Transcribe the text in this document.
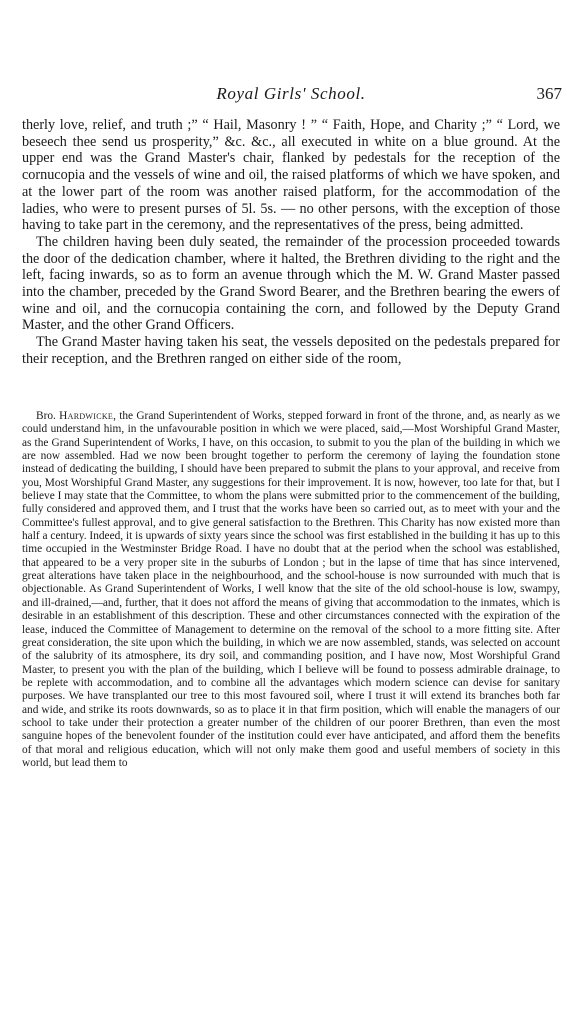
Royal Girls' School.	367

therly love, relief, and truth ;” “ Hail, Masonry ! ” “ Faith, Hope, and Charity ;” “ Lord, we beseech thee send us prosperity,” &c. &c., all executed in white on a blue ground. At the upper end was the Grand Master's chair, flanked by pedestals for the reception of the cornucopia and the vessels of wine and oil, the raised platforms of which we have spoken, and at the lower part of the room was another raised platform, for the accommodation of the ladies, who were to present purses of 5l. 5s. — no other persons, with the exception of those having to take part in the ceremony, and the representatives of the press, being admitted.

The children having been duly seated, the remainder of the procession proceeded towards the door of the dedication chamber, where it halted, the Brethren dividing to the right and the left, facing inwards, so as to form an avenue through which the M. W. Grand Master passed into the chamber, preceded by the Grand Sword Bearer, and the Brethren bearing the ewers of wine and oil, and the cornucopia containing the corn, and followed by the Deputy Grand Master, and the other Grand Officers.

The Grand Master having taken his seat, the vessels deposited on the pedestals prepared for their reception, and the Brethren ranged on either side of the room,

Bro. Hardwicke, the Grand Superintendent of Works, stepped forward in front of the throne, and, as nearly as we could understand him, in the unfavourable position in which we were placed, said,—Most Worshipful Grand Master, as the Grand Superintendent of Works, I have, on this occasion, to submit to you the plan of the building in which we are now assembled. Had we now been brought together to perform the ceremony of laying the foundation stone instead of dedicating the building, I should have been prepared to submit the plans to your approval, and receive from you, Most Worshipful Grand Master, any suggestions for their improvement. It is now, however, too late for that, but I believe I may state that the Committee, to whom the plans were submitted prior to the commencement of the building, fully considered and approved them, and I trust that the works have been so carried out, as to meet with your and the Committee's fullest approval, and to give general satisfaction to the Brethren. This Charity has now existed more than half a century. Indeed, it is upwards of sixty years since the school was first established in the building it has up to this time occupied in the Westminster Bridge Road. I have no doubt that at the period when the school was established, that appeared to be a very proper site in the suburbs of London ; but in the lapse of time that has since intervened, great alterations have taken place in the neighbourhood, and the school-house is now surrounded with much that is objectionable. As Grand Superintendent of Works, I well know that the site of the old school-house is low, swampy, and ill-drained,—and, further, that it does not afford the means of giving that accommodation to the inmates, which is desirable in an establishment of this description. These and other circumstances connected with the expiration of the lease, induced the Committee of Management to determine on the removal of the school to a more fitting site. After great consideration, the site upon which the building, in which we are now assembled, stands, was selected on account of the salubrity of its atmosphere, its dry soil, and commanding position, and I have now, Most Worshipful Grand Master, to present you with the plan of the building, which I believe will be found to possess admirable drainage, to be replete with accommodation, and to combine all the advantages which modern science can devise for sanitary purposes. We have transplanted our tree to this most favoured soil, where I trust it will extend its branches both far and wide, and strike its roots downwards, so as to place it in that firm position, which will enable the managers of our school to take under their protection a greater number of the children of our poorer Brethren, than even the most sanguine hopes of the benevolent founder of the institution could ever have anticipated, and afford them the benefits of that moral and religious education, which will not only make them good and useful members of society in this world, but lead them to
